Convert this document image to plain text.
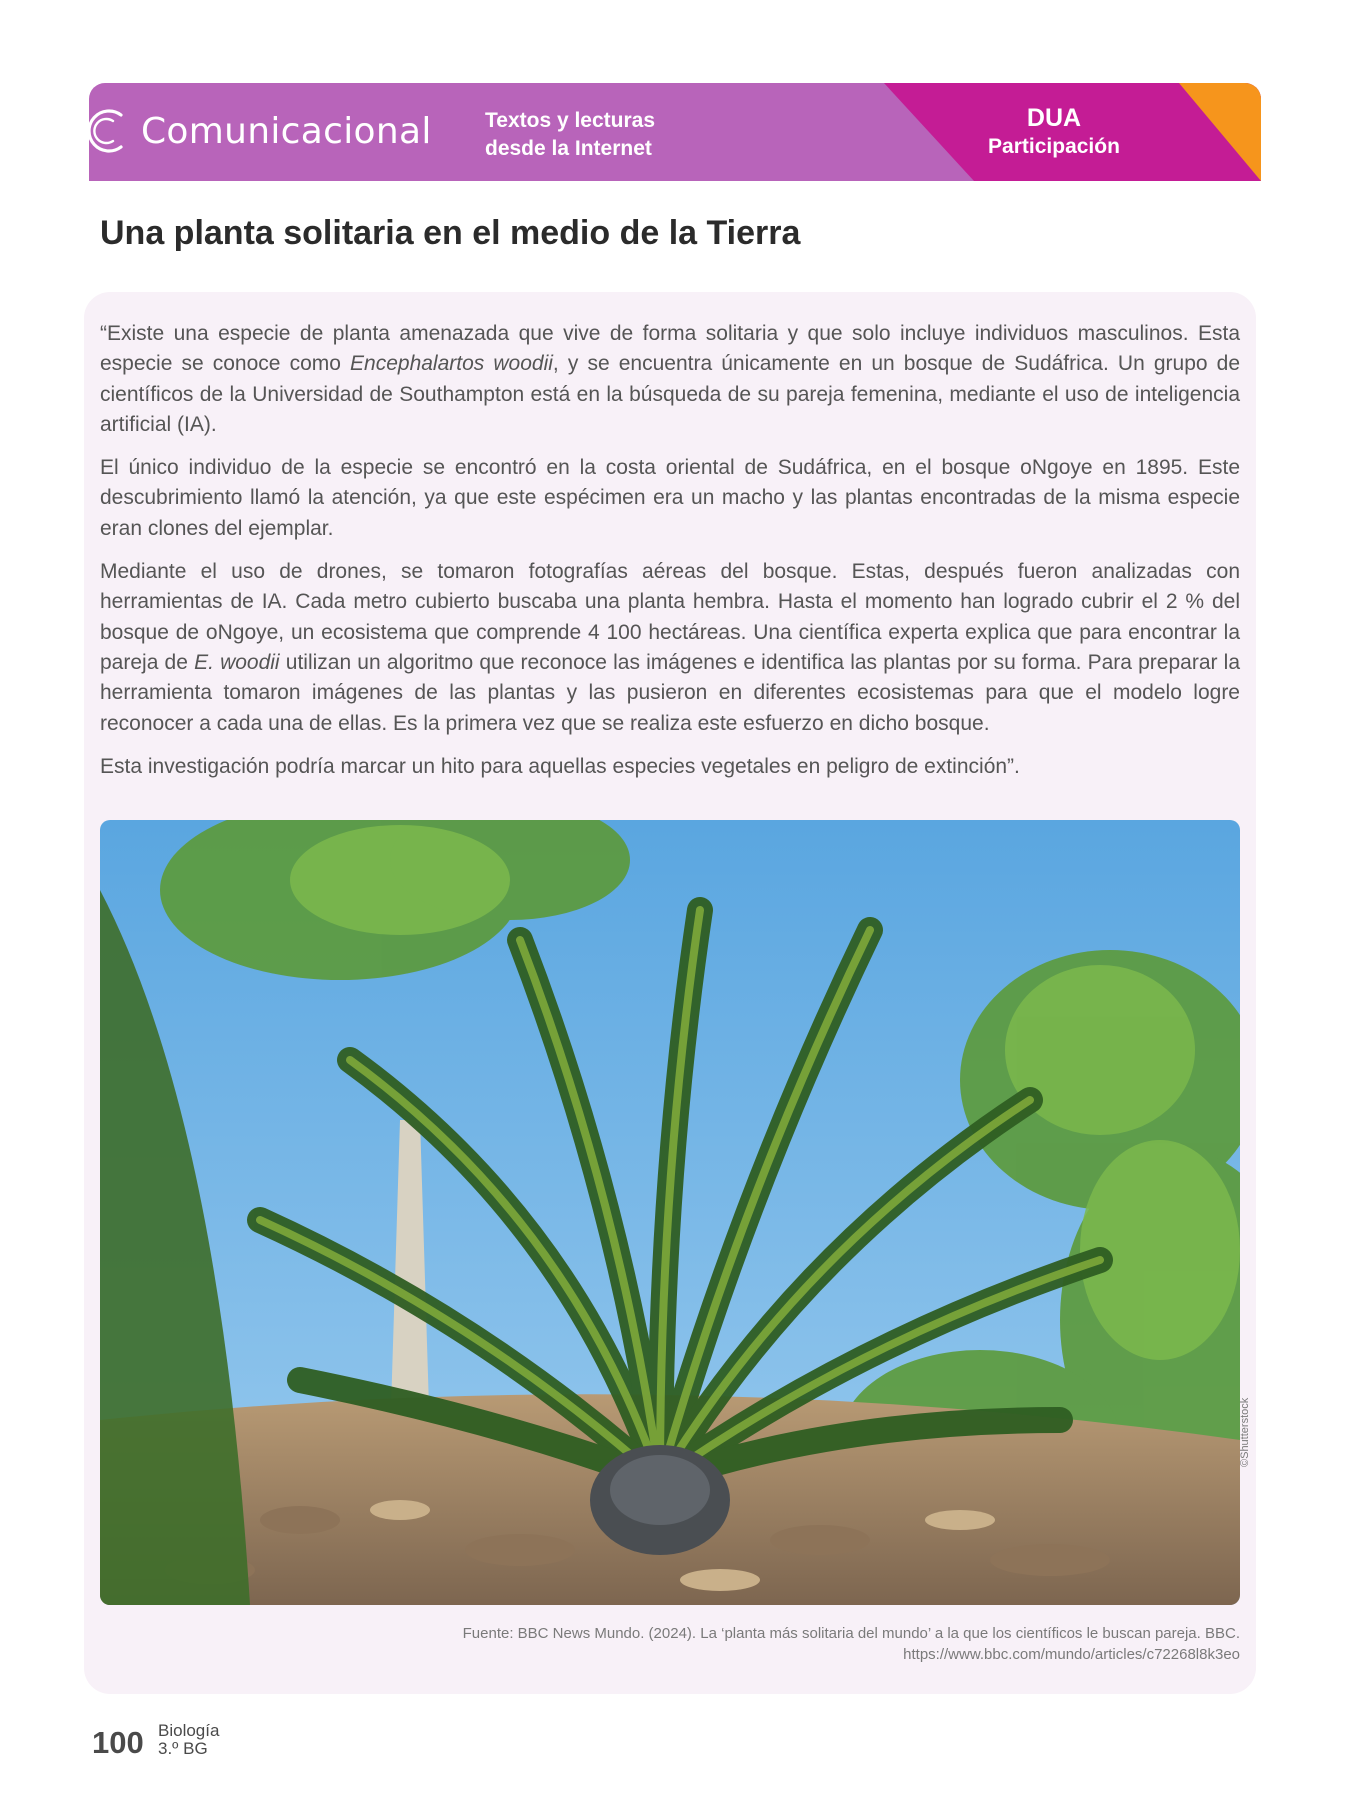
Comunicacional	Textos y lecturas
desde la Internet
DUA
Participación
Una planta solitaria en el medio de la Tierra

“Existe una especie de planta amenazada que vive de forma solitaria y que solo incluye individuos masculinos. Esta especie se conoce como Encephalartos woodii, y se encuentra únicamente en un bosque de Sudáfrica. Un grupo de científicos de la Universidad de Southampton está en la búsqueda de su pareja femenina, mediante el uso de inteligencia artificial (IA).

El único individuo de la especie se encontró en la costa oriental de Sudáfrica, en el bosque oNgoye en 1895. Este descubrimiento llamó la atención, ya que este espécimen era un macho y las plantas encontradas de la misma especie eran clones del ejemplar.

Mediante el uso de drones, se tomaron fotografías aéreas del bosque. Estas, después fueron analizadas con herramientas de IA. Cada metro cubierto buscaba una planta hembra. Hasta el momento han logrado cubrir el 2 % del bosque de oNgoye, un ecosistema que comprende 4 100 hectáreas. Una científica experta explica que para encontrar la pareja de E. woodii utilizan un algoritmo que reconoce las imágenes e identifica las plantas por su forma. Para preparar la herramienta tomaron imágenes de las plantas y las pusieron en diferentes ecosistemas para que el modelo logre reconocer a cada una de ellas. Es la primera vez que se realiza este esfuerzo en dicho bosque.

Esta investigación podría marcar un hito para aquellas especies vegetales en peligro de extinción”.

©Shutterstock
Fuente: BBC News Mundo. (2024). La ‘planta más solitaria del mundo’ a la que los científicos le buscan pareja. BBC.
https://www.bbc.com/mundo/articles/c72268l8k3eo
100 Biología
3.º BG
